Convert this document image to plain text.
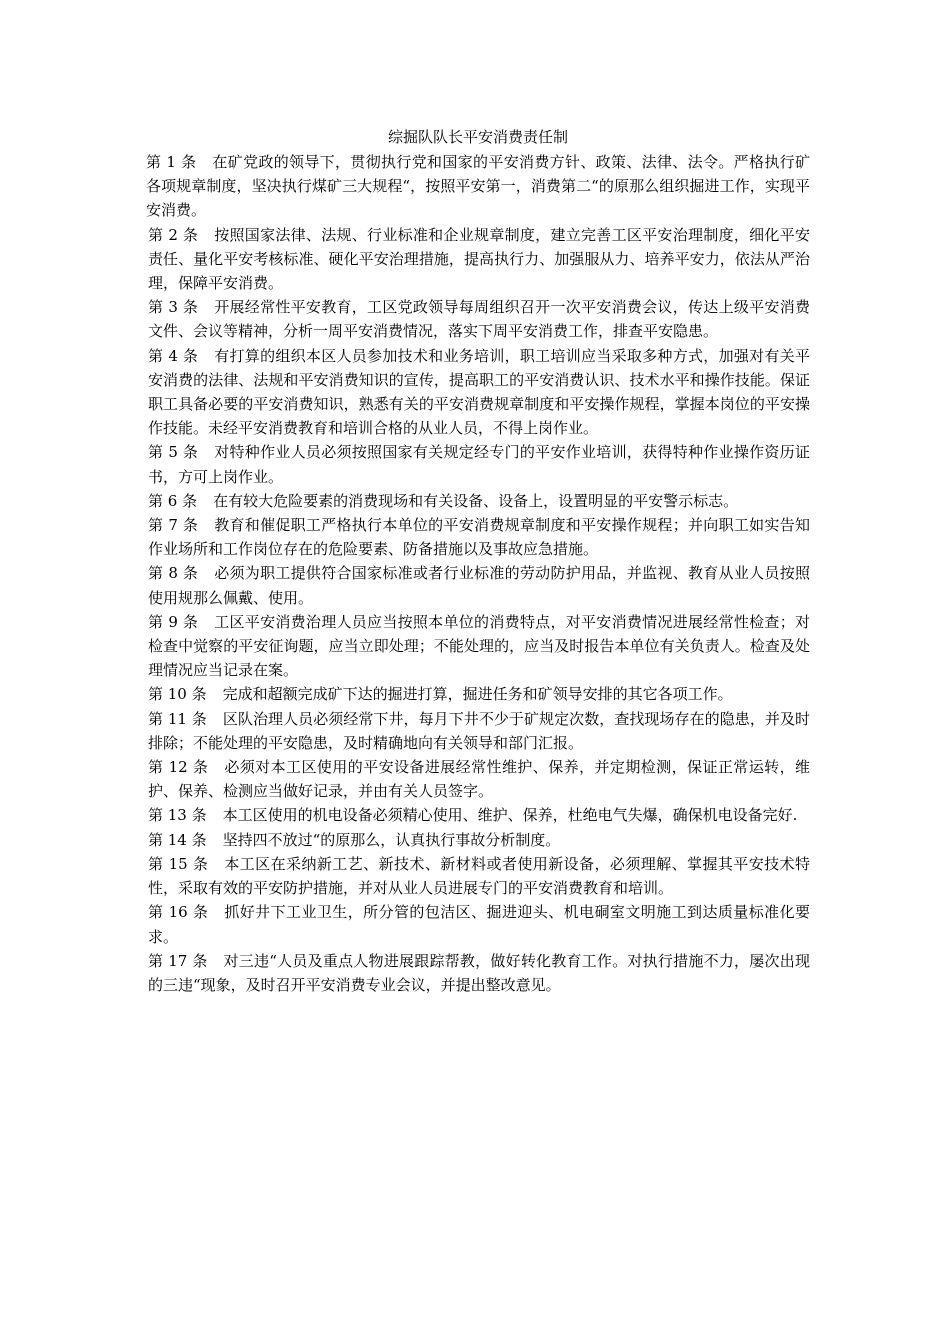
综掘队队长平安消费责任制

第 1 条 在矿党政的领导下，贯彻执行党和国家的平安消费方针、政策、法律、法令。严格执行矿各项规章制度，坚决执行煤矿三大规程“，按照平安第一，消费第二“的原那么组织掘进工作，实现平安消费。

第 2 条 按照国家法律、法规、行业标准和企业规章制度，建立完善工区平安治理制度，细化平安责任、量化平安考核标准、硬化平安治理措施，提高执行力、加强服从力、培养平安力，依法从严治理，保障平安消费。

第 3 条 开展经常性平安教育，工区党政领导每周组织召开一次平安消费会议，传达上级平安消费文件、会议等精神，分析一周平安消费情况，落实下周平安消费工作，排查平安隐患。

第 4 条 有打算的组织本区人员参加技术和业务培训，职工培训应当采取多种方式，加强对有关平安消费的法律、法规和平安消费知识的宣传，提高职工的平安消费认识、技术水平和操作技能。保证职工具备必要的平安消费知识，熟悉有关的平安消费规章制度和平安操作规程，掌握本岗位的平安操作技能。未经平安消费教育和培训合格的从业人员，不得上岗作业。

第 5 条 对特种作业人员必须按照国家有关规定经专门的平安作业培训，获得特种作业操作资历证书，方可上岗作业。

第 6 条 在有较大危险要素的消费现场和有关设备、设备上，设置明显的平安警示标志。

第 7 条 教育和催促职工严格执行本单位的平安消费规章制度和平安操作规程；并向职工如实告知作业场所和工作岗位存在的危险要素、防备措施以及事故应急措施。

第 8 条 必须为职工提供符合国家标准或者行业标准的劳动防护用品，并监视、教育从业人员按照使用规那么佩戴、使用。

第 9 条 工区平安消费治理人员应当按照本单位的消费特点，对平安消费情况进展经常性检查；对检查中觉察的平安征询题，应当立即处理；不能处理的，应当及时报告本单位有关负责人。检查及处理情况应当记录在案。

第 10 条 完成和超额完成矿下达的掘进打算，掘进任务和矿领导安排的其它各项工作。

第 11 条 区队治理人员必须经常下井，每月下井不少于矿规定次数，查找现场存在的隐患，并及时排除；不能处理的平安隐患，及时精确地向有关领导和部门汇报。

第 12 条 必须对本工区使用的平安设备进展经常性维护、保养，并定期检测，保证正常运转，维护、保养、检测应当做好记录，并由有关人员签字。

第 13 条 本工区使用的机电设备必须精心使用、维护、保养，杜绝电气失爆，确保机电设备完好.

第 14 条 坚持四不放过“的原那么，认真执行事故分析制度。

第 15 条 本工区在采纳新工艺、新技术、新材料或者使用新设备，必须理解、掌握其平安技术特性，采取有效的平安防护措施，并对从业人员进展专门的平安消费教育和培训。

第 16 条 抓好井下工业卫生，所分管的包洁区、掘进迎头、机电硐室文明施工到达质量标准化要求。

第 17 条 对三违“人员及重点人物进展跟踪帮教，做好转化教育工作。对执行措施不力，屡次出现的三违“现象，及时召开平安消费专业会议，并提出整改意见。
